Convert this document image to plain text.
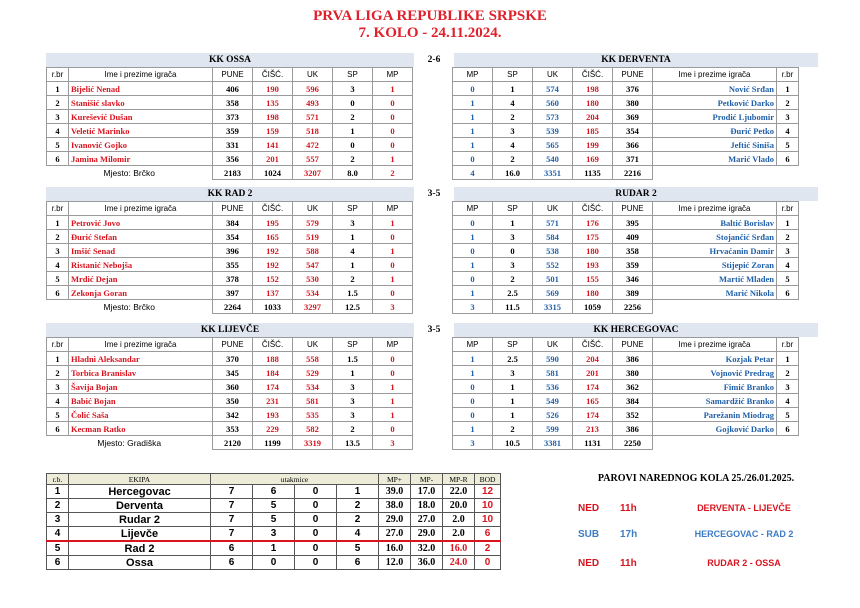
PRVA LIGA REPUBLIKE SRPSKE
7. KOLO - 24.11.2024.
KK OSSA	2-6	KK DERVENTA
r.br	Ime i prezime igrača	PUNE	ČIŠĆ.	UK	SP	MP		MP	SP	UK	ČIŠĆ.	PUNE	Ime i prezime igrača	r.br
1	Bijelić Nenad	406	190	596	3	1		0	1	574	198	376	Nović Srđan	1
2	Stanišić slavko	358	135	493	0	0		1	4	560	180	380	Petković Darko	2
3	Kurešević Dušan	373	198	571	2	0		1	2	573	204	369	Prodić Ljubomir	3
4	Veletić Marinko	359	159	518	1	0		1	3	539	185	354	Đurić Petko	4
5	Ivanović Gojko	331	141	472	0	0		1	4	565	199	366	Jeftić Siniša	5
6	Jamina Milomir	356	201	557	2	1		0	2	540	169	371	Marić Vlado	6
Mjesto: Brčko		2183	1024	3207	8.0	2		4	16.0	3351	1135	2216		
KK RAD 2	3-5	RUDAR 2
r.br	Ime i prezime igrača	PUNE	ČIŠĆ.	UK	SP	MP		MP	SP	UK	ČIŠĆ.	PUNE	Ime i prezime igrača	r.br
1	Petrović Jovo	384	195	579	3	1		0	1	571	176	395	Baltić Borislav	1
2	Đurić Stefan	354	165	519	1	0		1	3	584	175	409	Stojančić Srđan	2
3	Imšić Senad	396	192	588	4	1		0	0	538	180	358	Hrvaćanin Damir	3
4	Ristanić Nebojša	355	192	547	1	0		1	3	552	193	359	Stijepić Zoran	4
5	Mrdić Dejan	378	152	530	2	1		0	2	501	155	346	Martić Mladen	5
6	Zekonja Goran	397	137	534	1.5	0		1	2.5	569	180	389	Marić Nikola	6
Mjesto: Brčko		2264	1033	3297	12.5	3		3	11.5	3315	1059	2256		
KK LIJEVČE	3-5	KK HERCEGOVAC
r.br	Ime i prezime igrača	PUNE	ČIŠĆ.	UK	SP	MP		MP	SP	UK	ČIŠĆ.	PUNE	Ime i prezime igrača	r.br
1	Hladni Aleksandar	370	188	558	1.5	0		1	2.5	590	204	386	Kozjak Petar	1
2	Torbica Branislav	345	184	529	1	0		1	3	581	201	380	Vojnović Predrag	2
3	Šavija Bojan	360	174	534	3	1		0	1	536	174	362	Fimić Branko	3
4	Babić Bojan	350	231	581	3	1		0	1	549	165	384	Samardžić Branko	4
5	Čolić Saša	342	193	535	3	1		0	1	526	174	352	Parežanin Miodrag	5
6	Kecman Ratko	353	229	582	2	0		1	2	599	213	386	Gojković Darko	6
Mjesto: Gradiška		2120	1199	3319	13.5	3		3	10.5	3381	1131	2250		
r.b.	EKIPA	utakmice				MP+	MP-	MP-R	BOD
1	Hercegovac	7	6	0	1	39.0	17.0	22.0	12
2	Derventa	7	5	0	2	38.0	18.0	20.0	10
3	Rudar 2	7	5	0	2	29.0	27.0	2.0	10
4	Lijevče	7	3	0	4	27.0	29.0	2.0	6
5	Rad 2	6	1	0	5	16.0	32.0	16.0	2
6	Ossa	6	0	0	6	12.0	36.0	24.0	0
PAROVI NAREDNOG KOLA 25./26.01.2025.
NED 11h	DERVENTA - LIJEVČE
SUB 17h	HERCEGOVAC - RAD 2
NED 11h	RUDAR 2 - OSSA
